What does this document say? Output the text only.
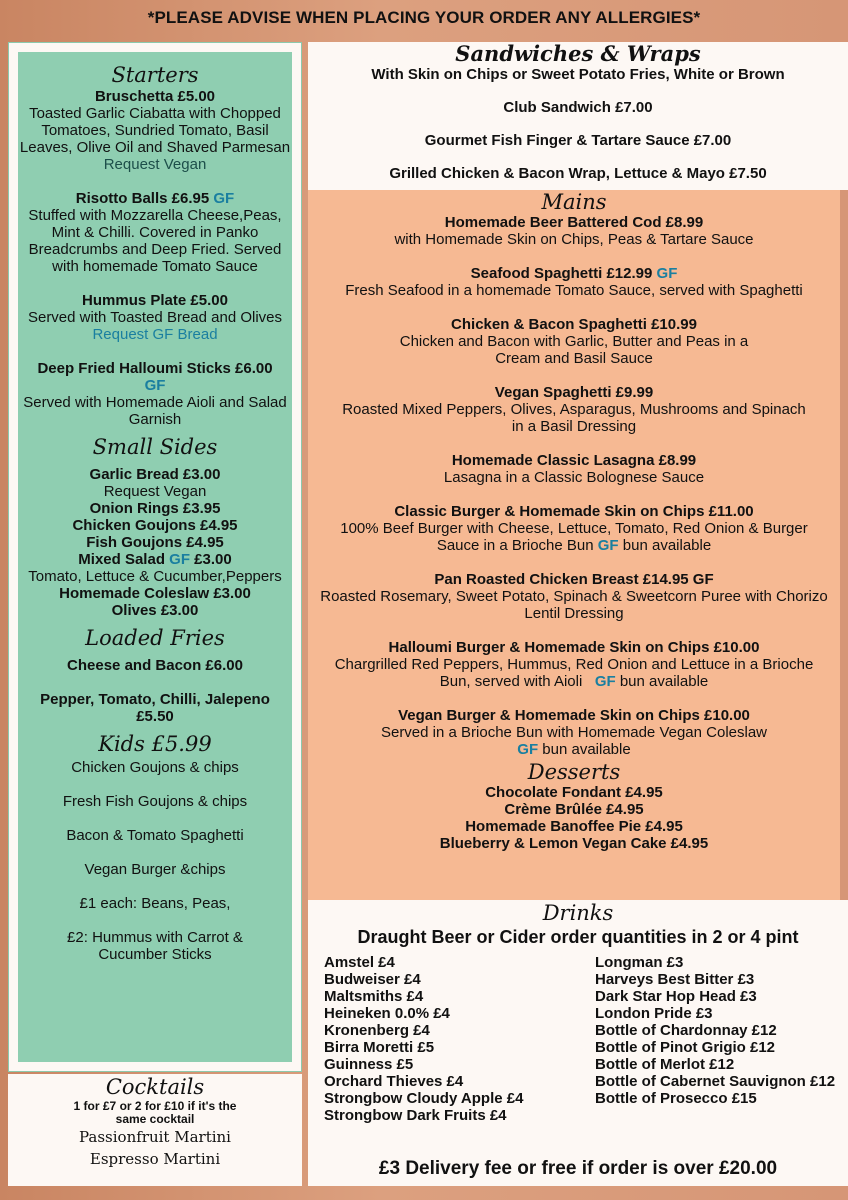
*PLEASE ADVISE WHEN PLACING YOUR ORDER ANY ALLERGIES*
Starters
Bruschetta £5.00
Toasted Garlic Ciabatta with Chopped Tomatoes, Sundried Tomato, Basil Leaves, Olive Oil and Shaved Parmesan
Request Vegan
Risotto Balls £6.95 GF
Stuffed with Mozzarella Cheese,Peas, Mint & Chilli. Covered in Panko Breadcrumbs and Deep Fried. Served with homemade Tomato Sauce
Hummus Plate £5.00
Served with Toasted Bread and Olives
Request GF Bread
Deep Fried Halloumi Sticks £6.00
GF
Served with Homemade Aioli and Salad Garnish
Small Sides
Garlic Bread £3.00
Request Vegan
Onion Rings £3.95
Chicken Goujons £4.95
Fish Goujons £4.95
Mixed Salad GF £3.00
Tomato, Lettuce & Cucumber,Peppers
Homemade Coleslaw £3.00
Olives £3.00
Loaded Fries
Cheese and Bacon £6.00
Pepper, Tomato, Chilli, Jalepeno £5.50
Kids £5.99
Chicken Goujons & chips
Fresh Fish Goujons & chips
Bacon & Tomato Spaghetti
Vegan Burger &chips
£1 each: Beans, Peas,
£2: Hummus with Carrot & Cucumber Sticks
Cocktails
1 for £7 or 2 for £10 if it's the same cocktail
Passionfruit Martini
Espresso Martini
Sandwiches & Wraps

With Skin on Chips or Sweet Potato Fries, White or Brown

Club Sandwich £7.00

Gourmet Fish Finger & Tartare Sauce £7.00

Grilled Chicken & Bacon Wrap, Lettuce & Mayo £7.50

Mains
Homemade Beer Battered Cod £8.99
with Homemade Skin on Chips, Peas & Tartare Sauce
Seafood Spaghetti £12.99 GF
Fresh Seafood in a homemade Tomato Sauce, served with Spaghetti
Chicken & Bacon Spaghetti £10.99
Chicken and Bacon with Garlic, Butter and Peas in a Cream and Basil Sauce
Vegan Spaghetti £9.99
Roasted Mixed Peppers, Olives, Asparagus, Mushrooms and Spinach in a Basil Dressing
Homemade Classic Lasagna £8.99
Lasagna in a Classic Bolognese Sauce
Classic Burger & Homemade Skin on Chips £11.00
100% Beef Burger with Cheese, Lettuce, Tomato, Red Onion & Burger Sauce in a Brioche Bun GF bun available
Pan Roasted Chicken Breast £14.95 GF
Roasted Rosemary, Sweet Potato, Spinach & Sweetcorn Puree with Chorizo Lentil Dressing
Halloumi Burger & Homemade Skin on Chips £10.00
Chargrilled Red Peppers, Hummus, Red Onion and Lettuce in a Brioche Bun, served with Aioli GF bun available
Vegan Burger & Homemade Skin on Chips £10.00
Served in a Brioche Bun with Homemade Vegan Coleslaw
GF bun available
Desserts
Chocolate Fondant £4.95
Crème Brûlée £4.95
Homemade Banoffee Pie £4.95
Blueberry & Lemon Vegan Cake £4.95
Drinks
Draught Beer or Cider order quantities in 2 or 4 pint
Amstel £4
Budweiser £4
Maltsmiths £4
Heineken 0.0% £4
Kronenberg £4
Birra Moretti £5
Guinness £5
Orchard Thieves £4
Strongbow Cloudy Apple £4
Strongbow Dark Fruits £4
Longman £3
Harveys Best Bitter £3
Dark Star Hop Head £3
London Pride £3
Bottle of Chardonnay £12
Bottle of Pinot Grigio £12
Bottle of Merlot £12
Bottle of Cabernet Sauvignon £12
Bottle of Prosecco £15
£3 Delivery fee or free if order is over £20.00
